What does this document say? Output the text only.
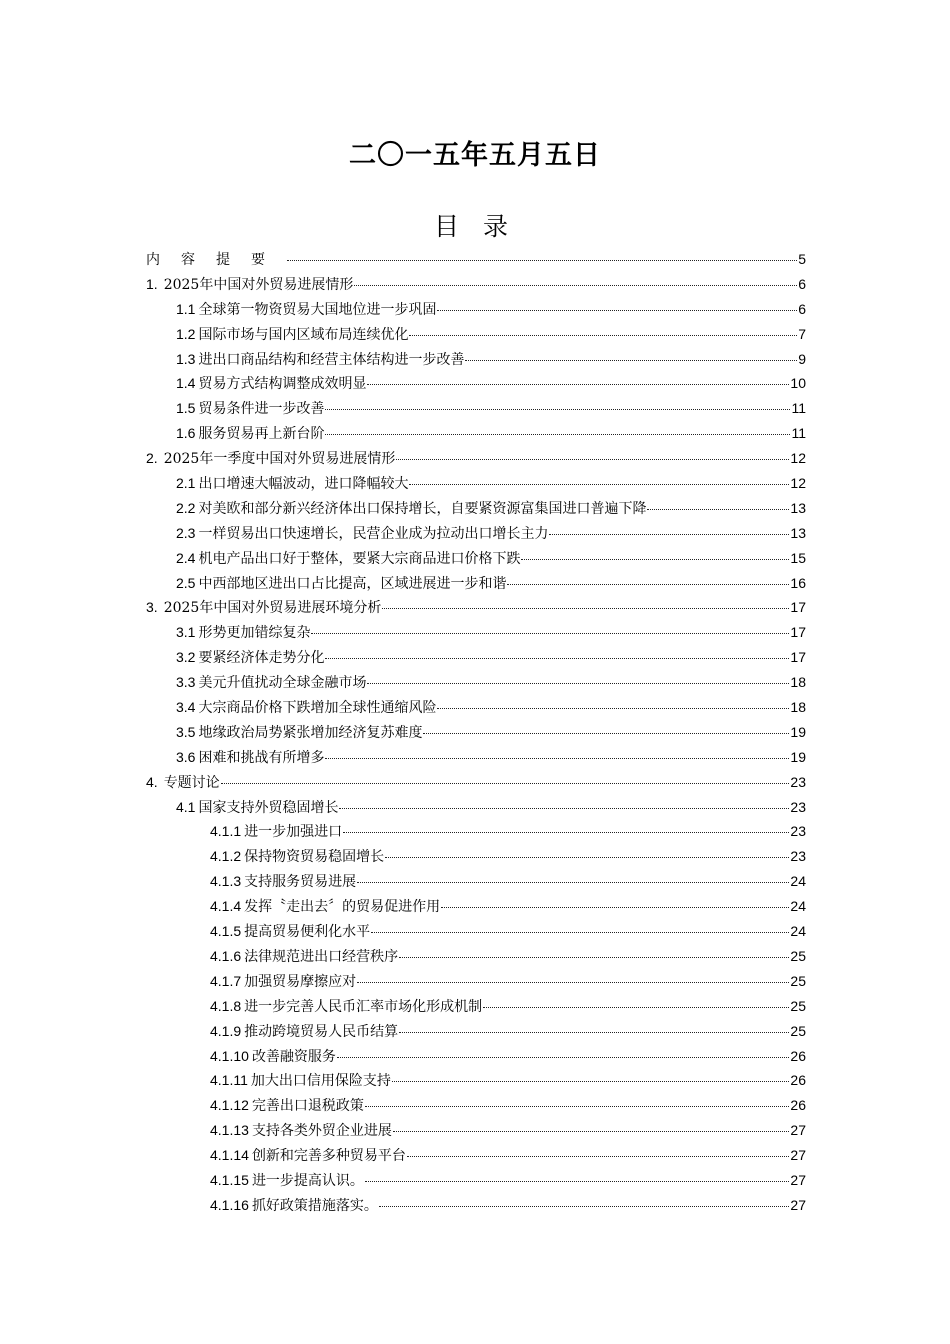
二〇一五年五月五日
目 录
内容提要	5
1. 2025年中国对外贸易进展情形	6
1.1 全球第一物资贸易大国地位进一步巩固	6
1.2 国际市场与国内区域布局连续优化	7
1.3 进出口商品结构和经营主体结构进一步改善	9
1.4 贸易方式结构调整成效明显	10
1.5 贸易条件进一步改善	11
1.6 服务贸易再上新台阶	11
2. 2025年一季度中国对外贸易进展情形	12
2.1 出口增速大幅波动，进口降幅较大	12
2.2 对美欧和部分新兴经济体出口保持增长，自要紧资源富集国进口普遍下降	13
2.3 一样贸易出口快速增长，民营企业成为拉动出口增长主力	13
2.4 机电产品出口好于整体，要紧大宗商品进口价格下跌	15
2.5 中西部地区进出口占比提高，区域进展进一步和谐	16
3. 2025年中国对外贸易进展环境分析	17
3.1 形势更加错综复杂	17
3.2 要紧经济体走势分化	17
3.3 美元升值扰动全球金融市场	18
3.4 大宗商品价格下跌增加全球性通缩风险	18
3.5 地缘政治局势紧张增加经济复苏难度	19
3.6 困难和挑战有所增多	19
4. 专题讨论	23
4.1 国家支持外贸稳固增长	23
4.1.1 进一步加强进口	23
4.1.2 保持物资贸易稳固增长	23
4.1.3 支持服务贸易进展	24
4.1.4 发挥〝走出去〞的贸易促进作用	24
4.1.5 提高贸易便利化水平	24
4.1.6 法律规范进出口经营秩序	25
4.1.7 加强贸易摩擦应对	25
4.1.8 进一步完善人民币汇率市场化形成机制	25
4.1.9 推动跨境贸易人民币结算	25
4.1.10 改善融资服务	26
4.1.11 加大出口信用保险支持	26
4.1.12 完善出口退税政策	26
4.1.13 支持各类外贸企业进展	27
4.1.14 创新和完善多种贸易平台	27
4.1.15 进一步提高认识。	27
4.1.16 抓好政策措施落实。	27
